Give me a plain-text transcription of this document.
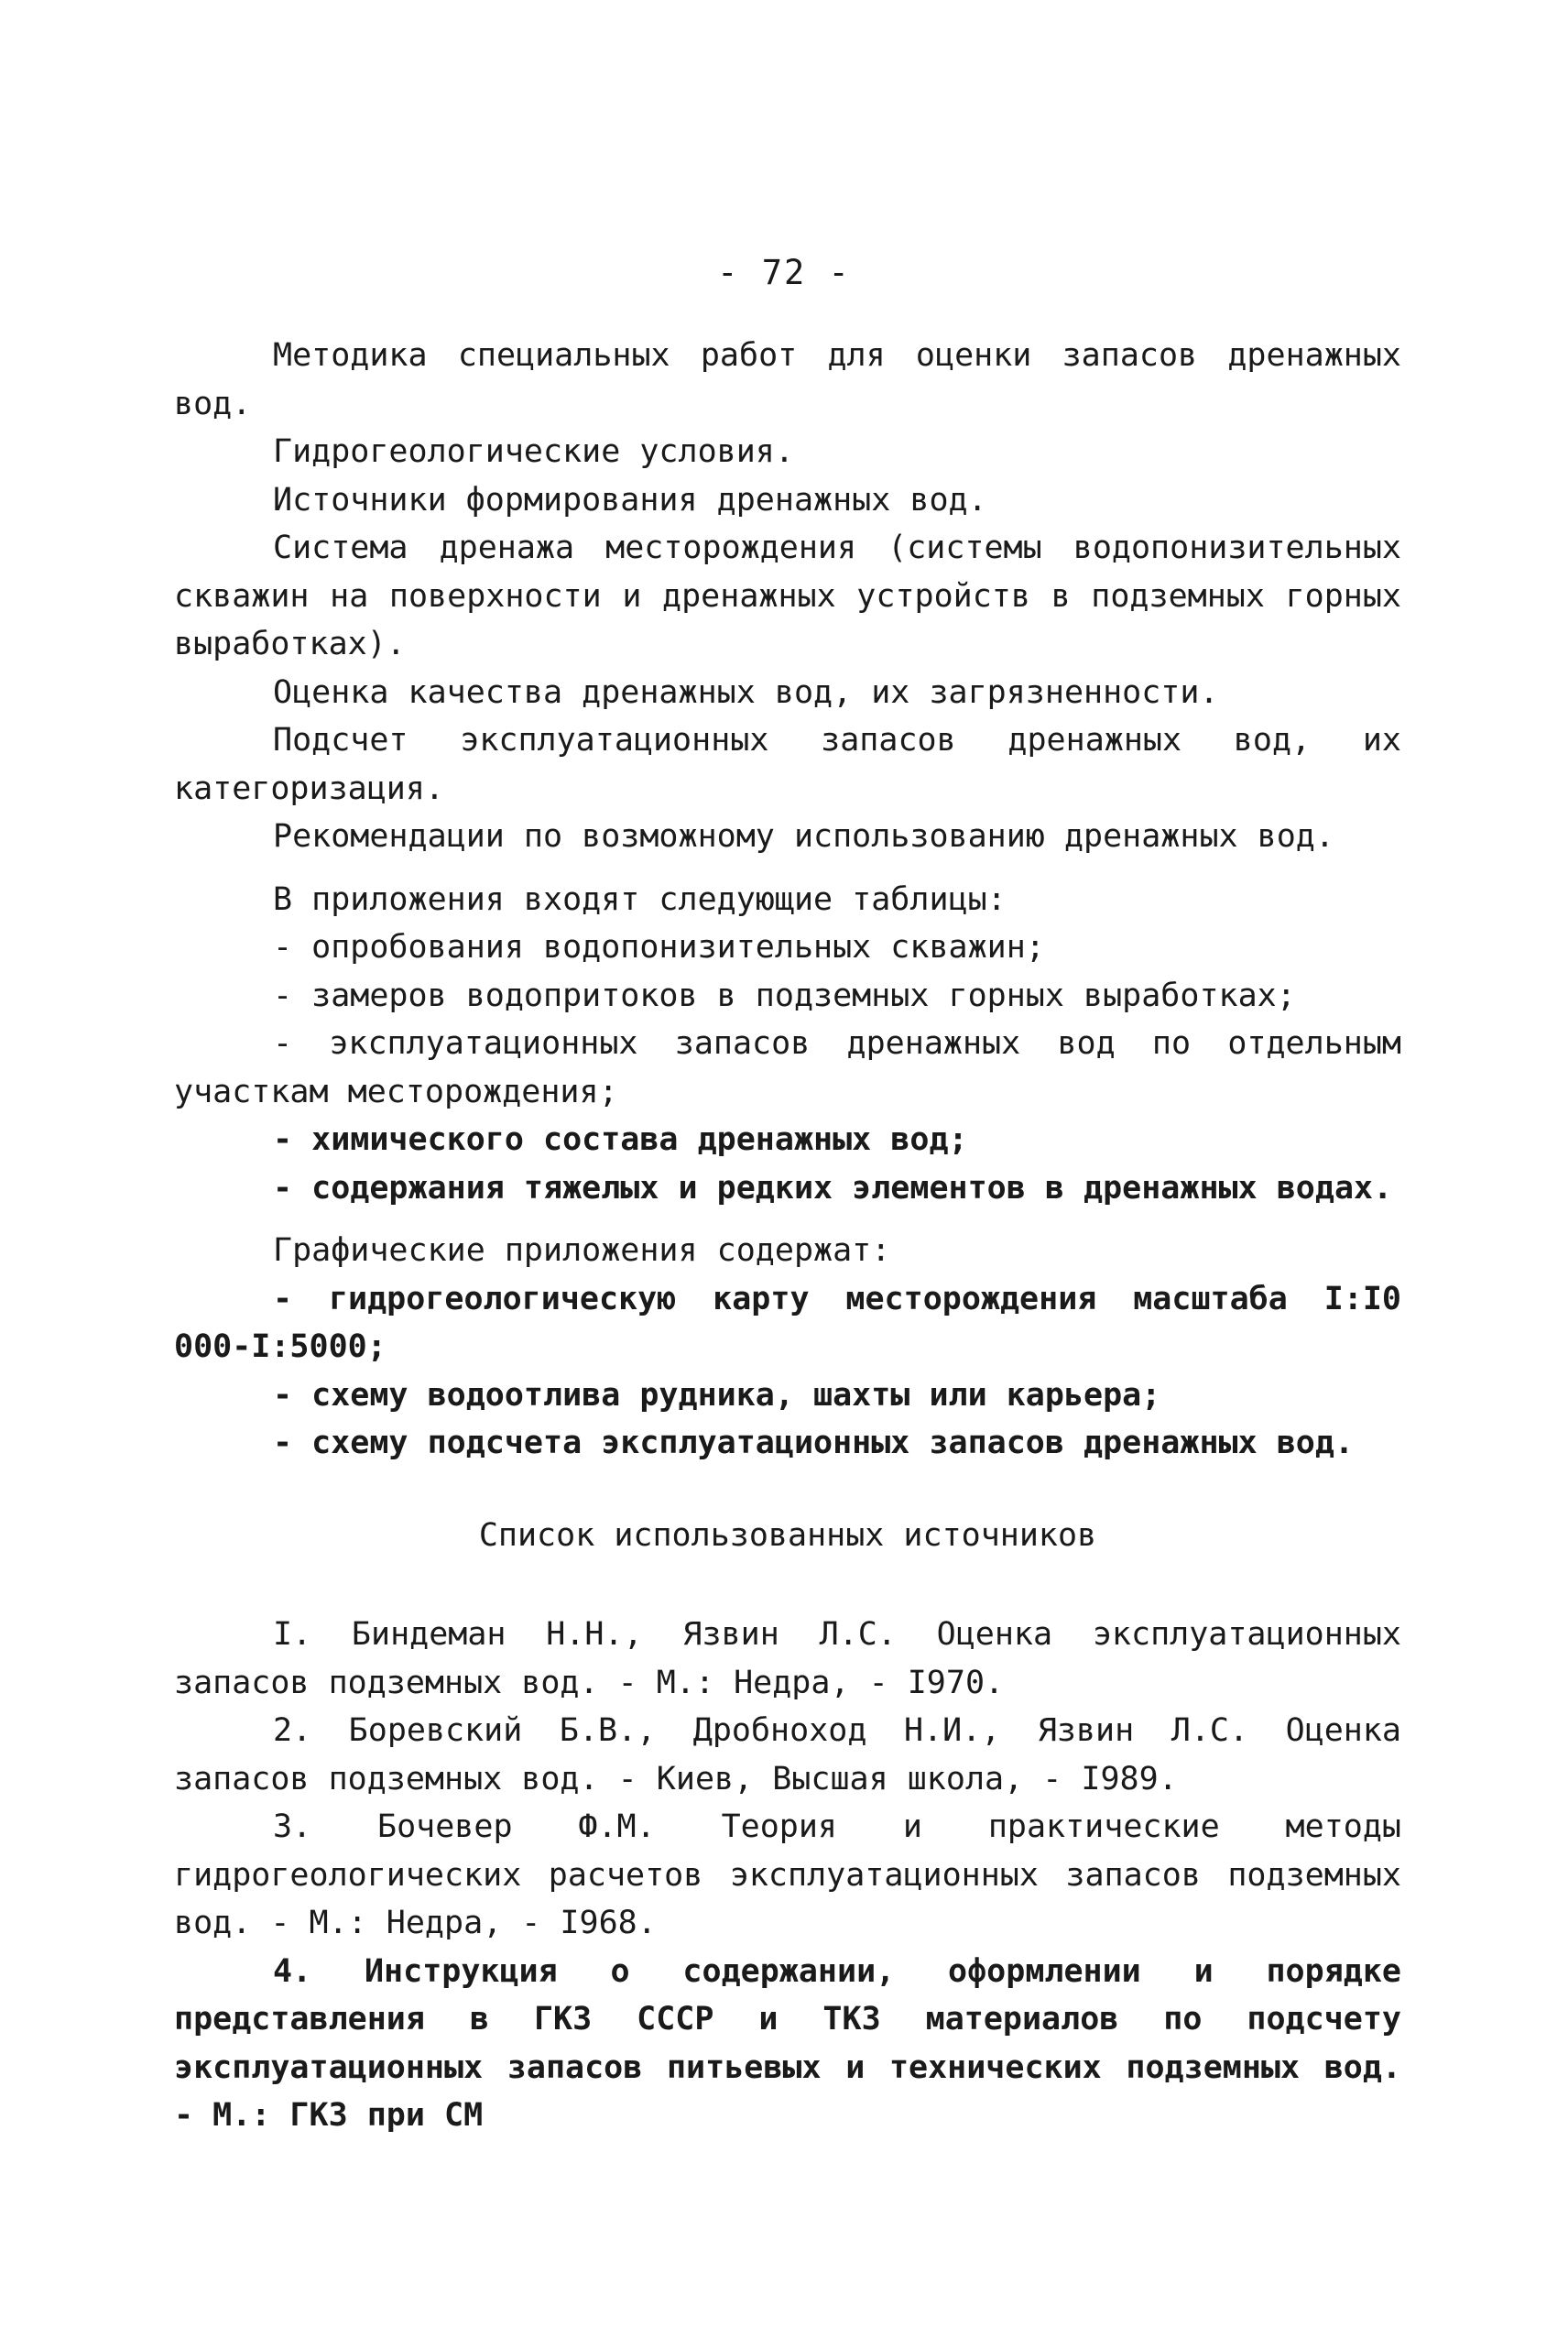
- 72 -

Методика специальных работ для оценки запасов дренажных вод.

Гидрогеологические условия.

Источники формирования дренажных вод.

Система дренажа месторождения (системы водопонизительных скважин на поверхности и дренажных устройств в подземных горных выработках).

Оценка качества дренажных вод, их загрязненности.

Подсчет эксплуатационных запасов дренажных вод, их категоризация.

Рекомендации по возможному использованию дренажных вод.

В приложения входят следующие таблицы:

- опробования водопонизительных скважин;

- замеров водопритоков в подземных горных выработках;

- эксплуатационных запасов дренажных вод по отдельным участкам месторождения;

- химического состава дренажных вод;

- содержания тяжелых и редких элементов в дренажных водах.

Графические приложения содержат:

- гидрогеологическую карту месторождения масштаба I:I0 000-I:5000;

- схему водоотлива рудника, шахты или карьера;

- схему подсчета эксплуатационных запасов дренажных вод.

Список использованных источников

I. Биндеман Н.Н., Язвин Л.С. Оценка эксплуатационных запасов подземных вод. - М.: Недра, - I970.

2. Боревский Б.В., Дробноход Н.И., Язвин Л.С. Оценка запасов подземных вод. - Киев, Высшая школа, - I989.

3. Бочевер Ф.М. Теория и практические методы гидрогеологических расчетов эксплуатационных запасов подземных вод. - М.: Недра, - I968.

4. Инструкция о содержании, оформлении и порядке представления в ГКЗ СССР и ТКЗ материалов по подсчету эксплуатационных запасов питьевых и технических подземных вод. - М.: ГКЗ при СМ
